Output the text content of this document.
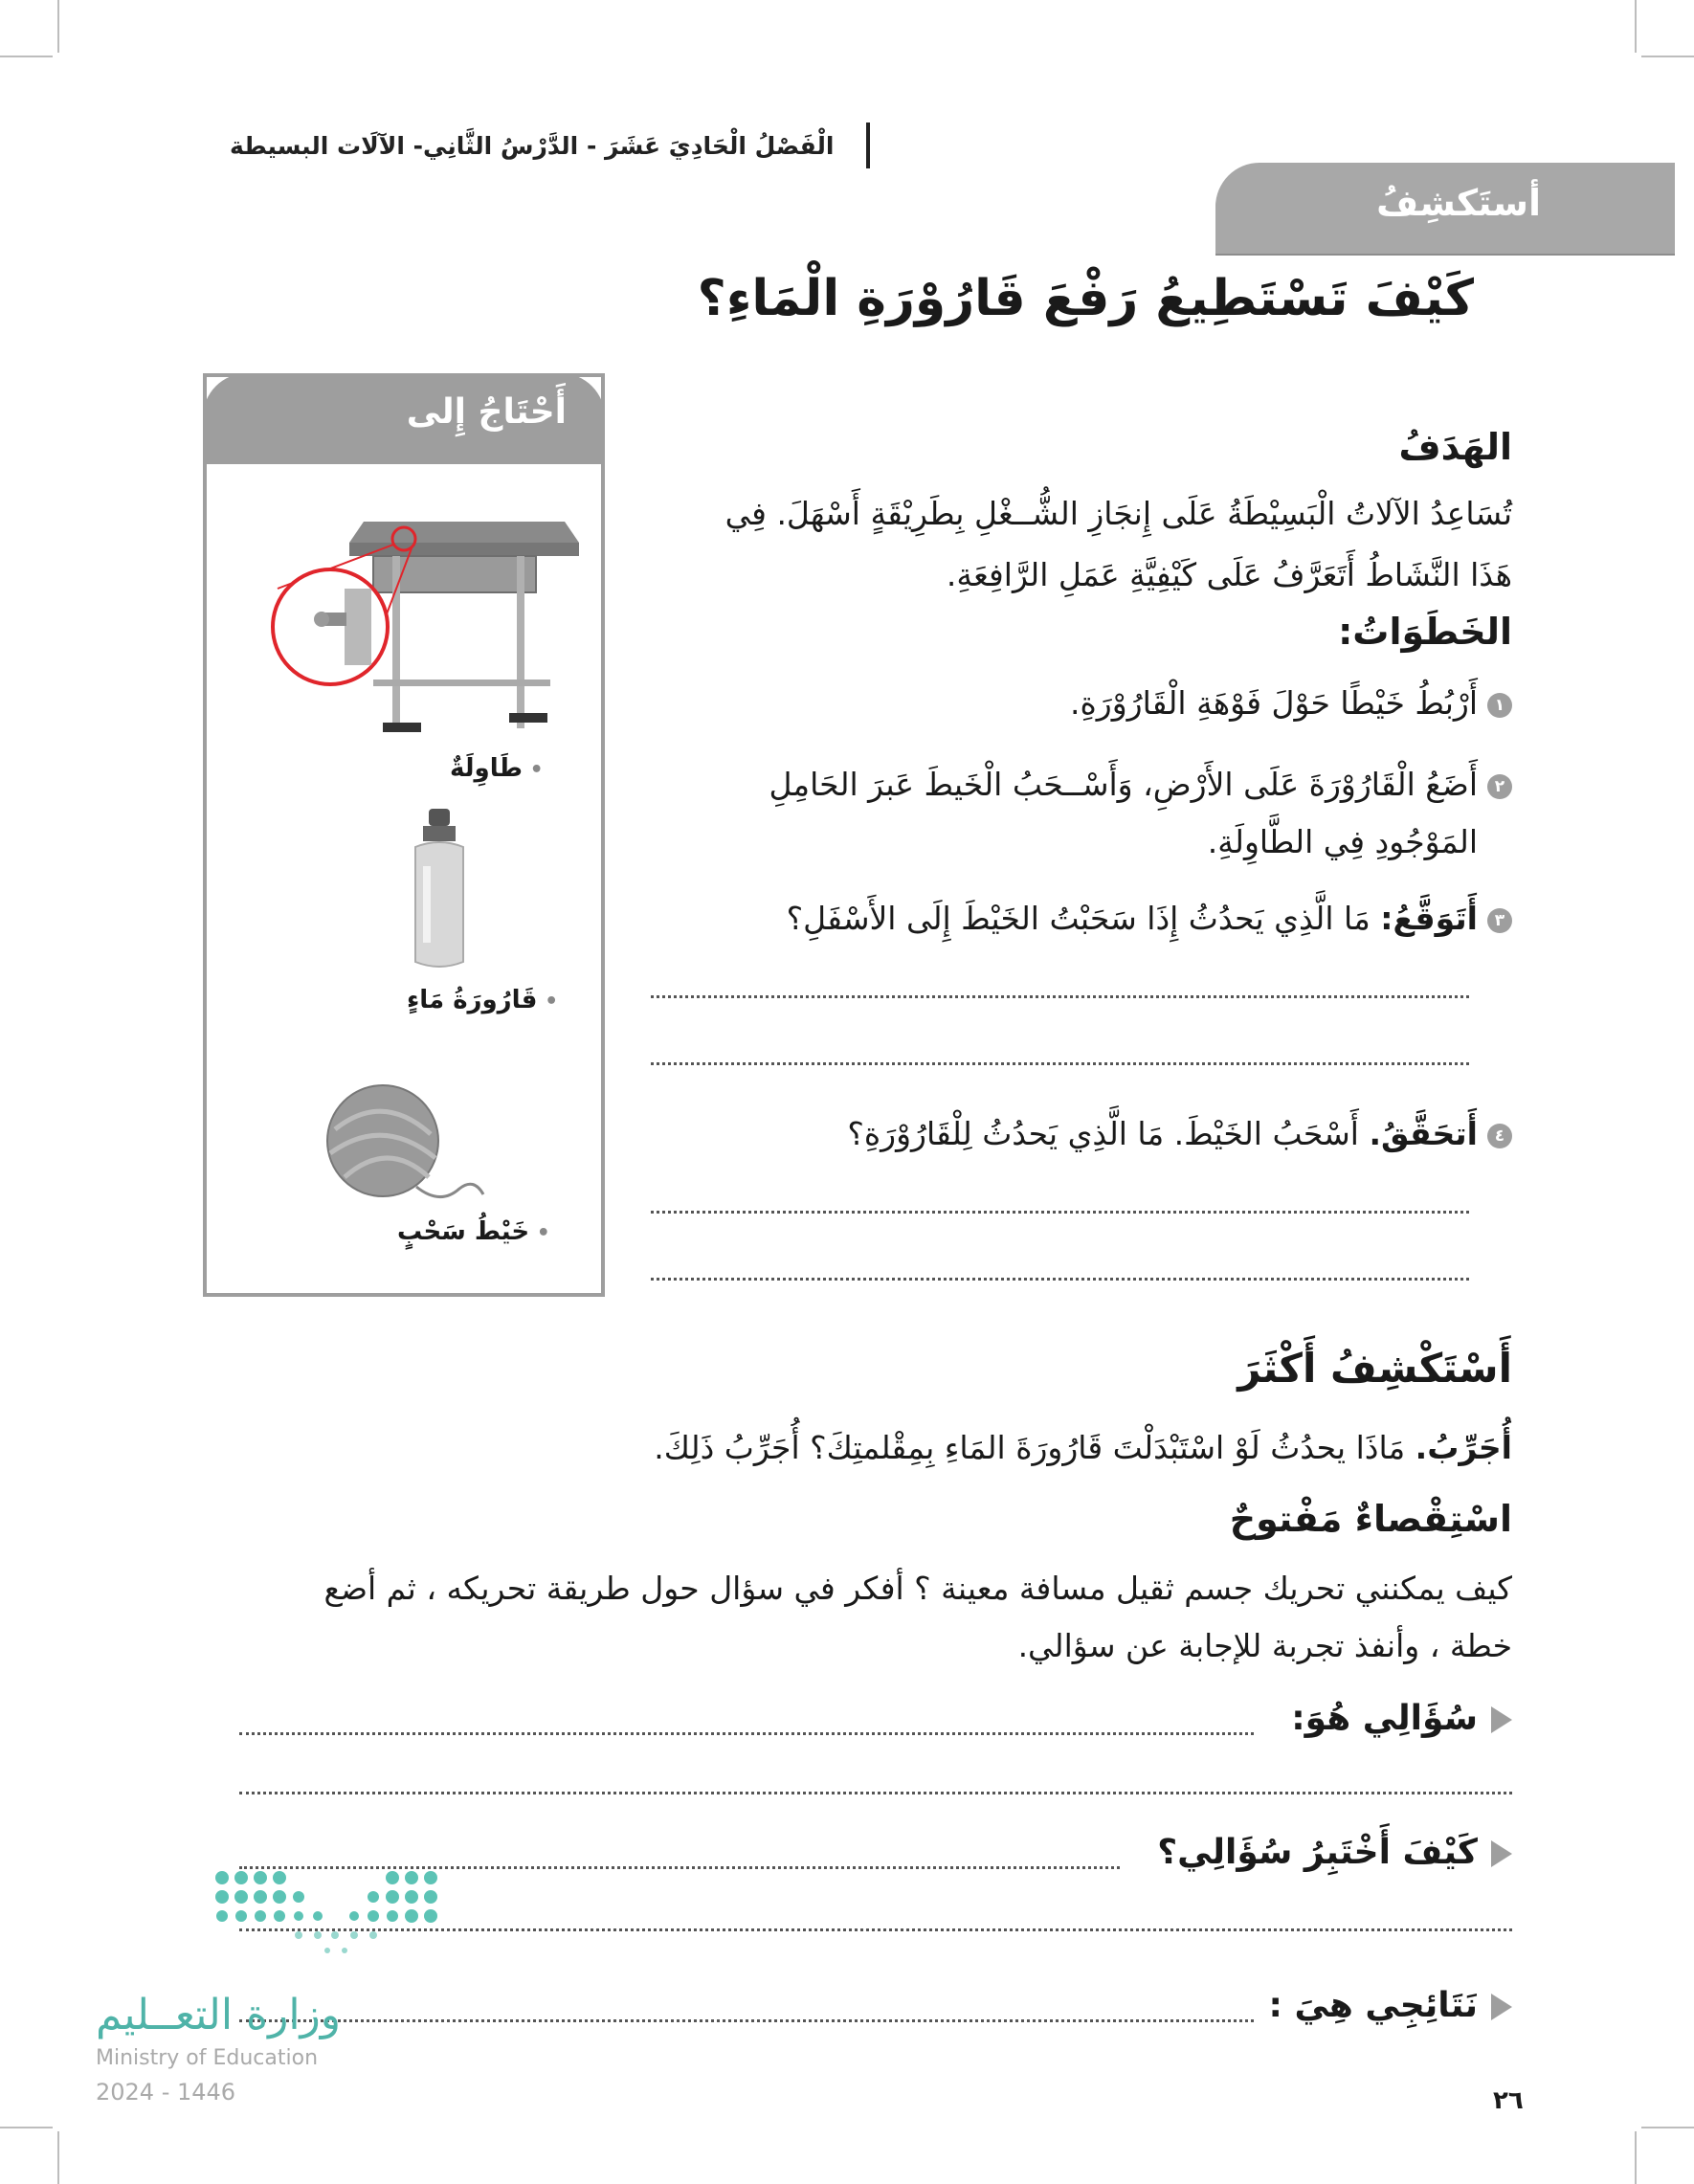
الْفَصْلُ الْحَادِيَ عَشَرَ - الدَّرْسُ الثَّانِي- الآلَات البسيطة
أستَكشِفُ
كَيْفَ تَسْتَطِيعُ رَفْعَ قَارُوْرَةِ الْمَاءِ؟
أَحْتَاجُ إِلى
• طَاوِلَةٌ
• قَارُورَةُ مَاءٍ
• خَيْطُ سَحْبٍ
الهَدَفُ
تُسَاعِدُ الآلاتُ الْبَسِيْطَةُ عَلَى إِنجَازِ الشُّــغْلِ بِطَرِيْقَةٍ أَسْهَلَ. فِي
هَذَا النَّشَاطُ أَتَعَرَّفُ عَلَى كَيْفِيَّةِ عَمَلِ الرَّافِعَةِ.
الخَطَوَاتُ:
١أَرْبُطُ خَيْطًا حَوْلَ فَوْهَةِ الْقَارُوْرَةِ.
٢أَضَعُ الْقَارُوْرَةَ عَلَى الأَرْضِ، وَأَسْــحَبُ الْخَيطَ عَبرَ الحَامِلِ
المَوْجُودِ فِي الطَّاوِلَةِ.
٣أَتَوَقَّعُ: مَا الَّذِي يَحدُثُ إِذَا سَحَبْتُ الخَيْطَ إِلَى الأَسْفَلِ؟
٤أَتحَقَّقُ. أَسْحَبُ الخَيْطَ. مَا الَّذِي يَحدُثُ لِلْقَارُوْرَةِ؟
أَسْتَكْشِفُ أَكْثَرَ
أُجَرِّبُ. مَاذَا يحدُثُ لَوْ اسْتَبْدَلْتَ قَارُورَةَ المَاءِ بِمِقْلمتِكَ؟ أُجَرِّبُ ذَلِكَ.
اسْتِقْصاءٌ مَفْتوحٌ
كيف يمكنني تحريك جسم ثقيل مسافة معينة ؟ أفكر في سؤال حول طريقة تحريكه ، ثم أضع
خطة ، وأنفذ تجربة للإجابة عن سؤالي.
سُؤَالِي هُوَ:
كَيْفَ أَخْتَبِرُ سُؤَالِي؟
نَتَائِجِي هِيَ :
وزارة التعــليم
Ministry of Education
2024 - 1446	٢٦
